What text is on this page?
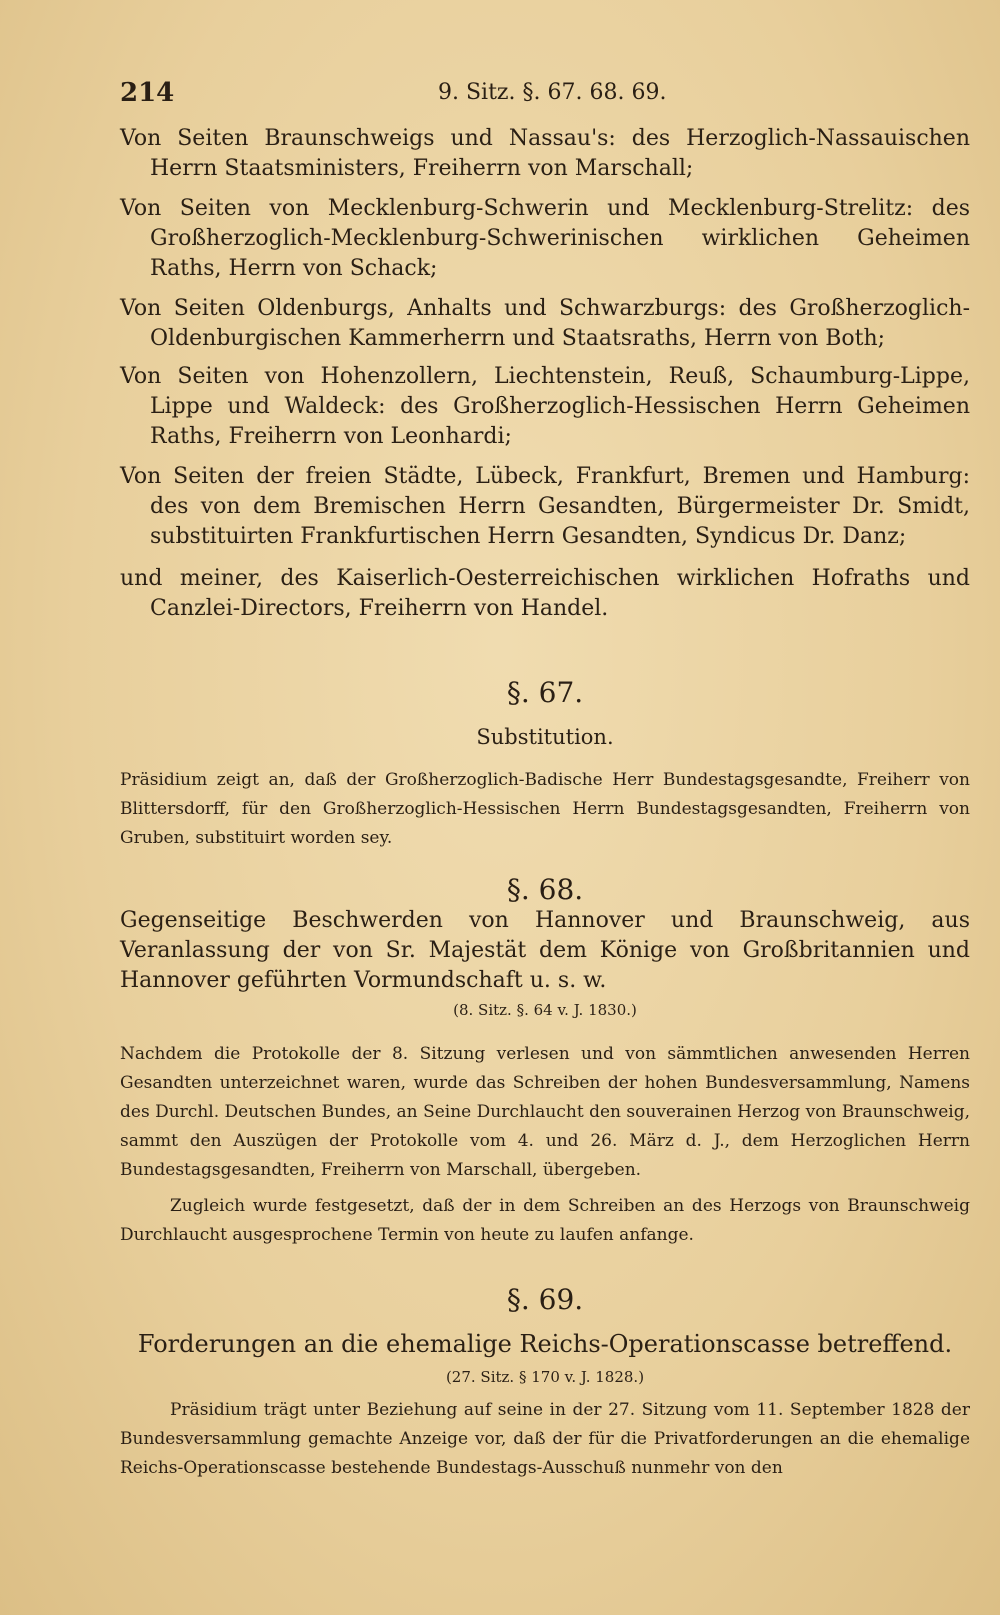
214	9. Sitz. §. 67. 68. 69.
Von Seiten Braunschweigs und Nassau's: des Herzoglich-Nassauischen Herrn Staatsministers, Freiherrn von Marschall;
Von Seiten von Mecklenburg-Schwerin und Mecklenburg-Strelitz: des Großherzoglich-Mecklenburg-Schwerinischen wirklichen Geheimen Raths, Herrn von Schack;
Von Seiten Oldenburgs, Anhalts und Schwarzburgs: des Großherzoglich-Oldenburgischen Kammerherrn und Staatsraths, Herrn von Both;
Von Seiten von Hohenzollern, Liechtenstein, Reuß, Schaumburg-Lippe, Lippe und Waldeck: des Großherzoglich-Hessischen Herrn Geheimen Raths, Freiherrn von Leonhardi;
Von Seiten der freien Städte, Lübeck, Frankfurt, Bremen und Hamburg: des von dem Bremischen Herrn Gesandten, Bürgermeister Dr. Smidt, substituirten Frankfurtischen Herrn Gesandten, Syndicus Dr. Danz;
und meiner, des Kaiserlich-Oesterreichischen wirklichen Hofraths und Canzlei-Directors, Freiherrn von Handel.
§. 67.
Substitution.
Präsidium zeigt an, daß der Großherzoglich-Badische Herr Bundestagsgesandte, Freiherr von Blittersdorff, für den Großherzoglich-Hessischen Herrn Bundestagsgesandten, Freiherrn von Gruben, substituirt worden sey.
§. 68.
Gegenseitige Beschwerden von Hannover und Braunschweig, aus Veranlassung der von Sr. Majestät dem Könige von Großbritannien und Hannover geführten Vormundschaft u. s. w.
(8. Sitz. §. 64 v. J. 1830.)
Nachdem die Protokolle der 8. Sitzung verlesen und von sämmtlichen anwesenden Herren Gesandten unterzeichnet waren, wurde das Schreiben der hohen Bundesversammlung, Namens des Durchl. Deutschen Bundes, an Seine Durchlaucht den souverainen Herzog von Braunschweig, sammt den Auszügen der Protokolle vom 4. und 26. März d. J., dem Herzoglichen Herrn Bundestagsgesandten, Freiherrn von Marschall, übergeben.
Zugleich wurde festgesetzt, daß der in dem Schreiben an des Herzogs von Braunschweig Durchlaucht ausgesprochene Termin von heute zu laufen anfange.
§. 69.
Forderungen an die ehemalige Reichs-Operationscasse betreffend.
(27. Sitz. § 170 v. J. 1828.)
Präsidium trägt unter Beziehung auf seine in der 27. Sitzung vom 11. September 1828 der Bundesversammlung gemachte Anzeige vor, daß der für die Privatforderungen an die ehemalige Reichs-Operationscasse bestehende Bundestags-Ausschuß nunmehr von den
